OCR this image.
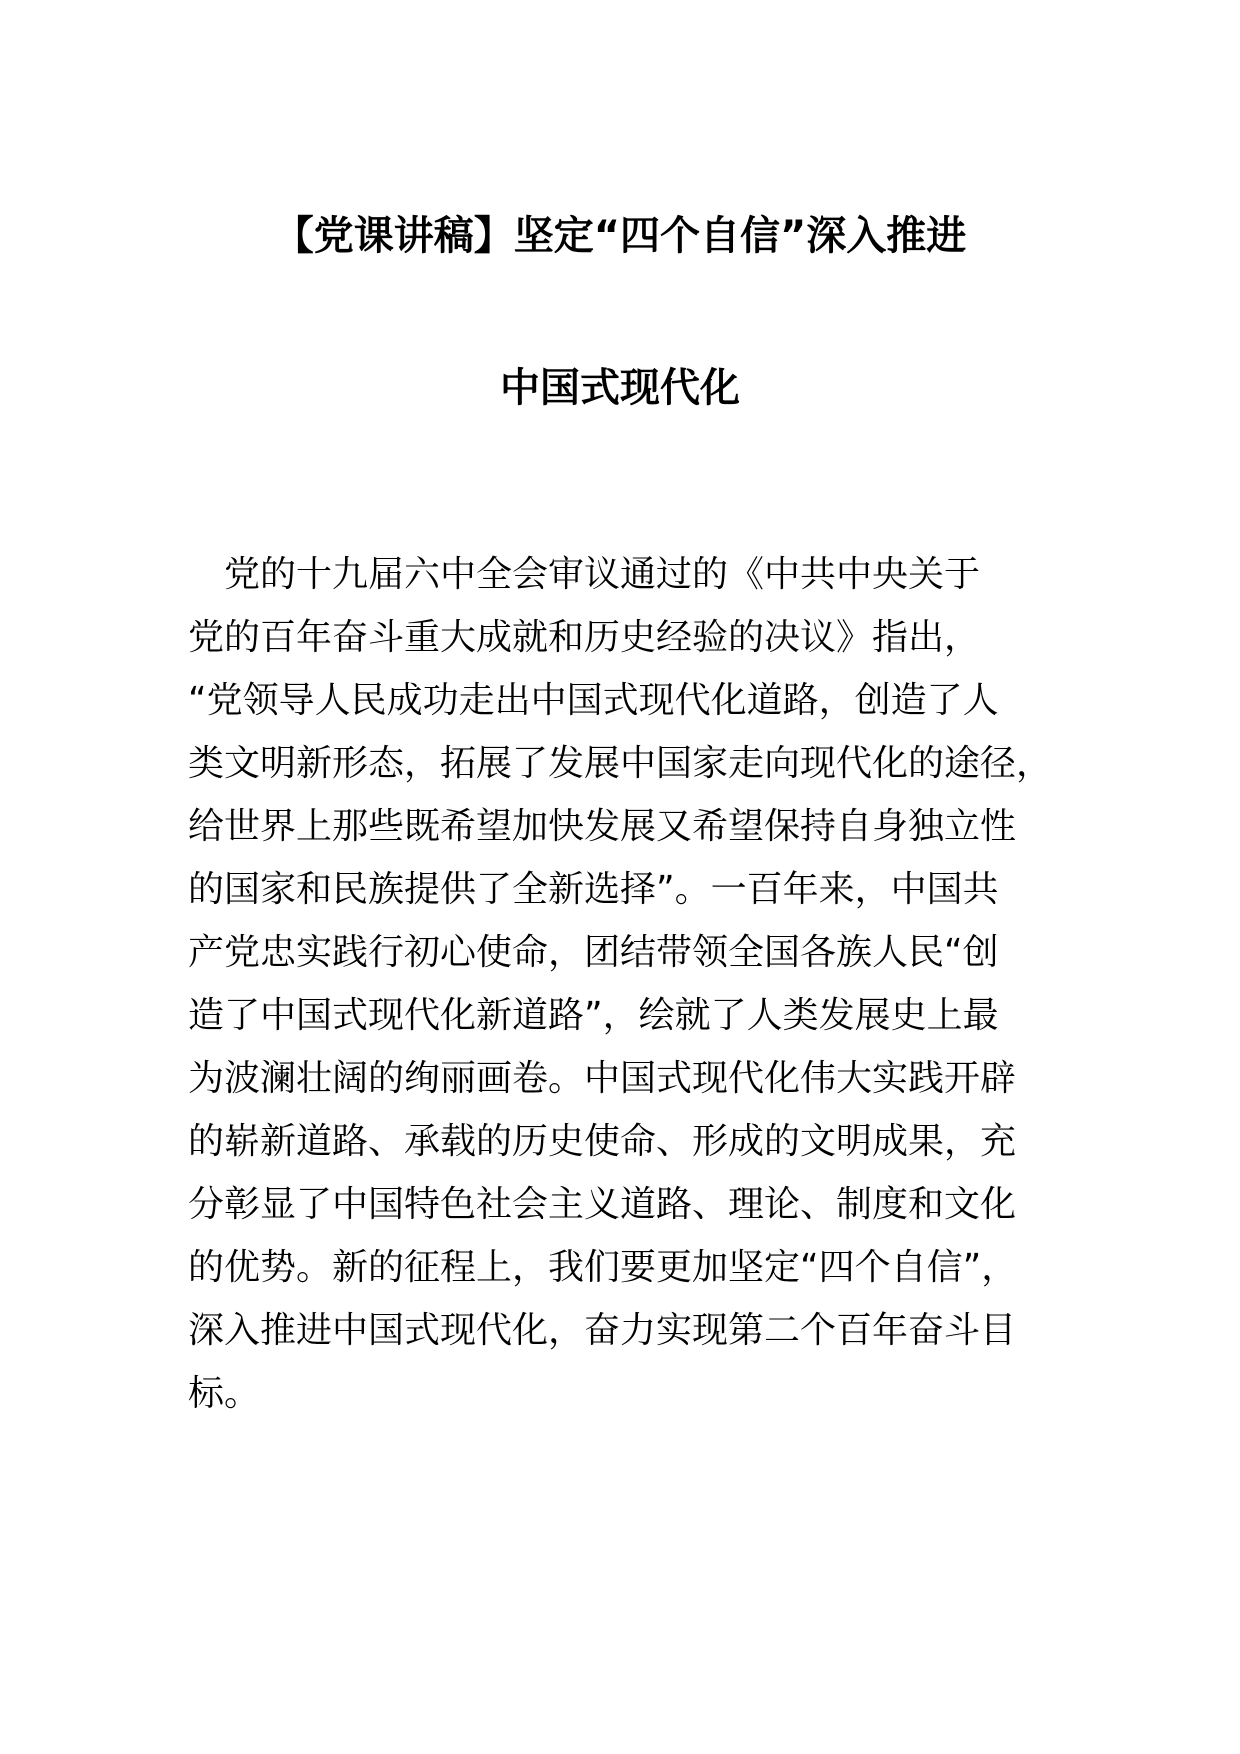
【党课讲稿】坚定“四个自信”深入推进
中国式现代化
　党的十九届六中全会审议通过的《中共中央关于
党的百年奋斗重大成就和历史经验的决议》指出，
“党领导人民成功走出中国式现代化道路，创造了人
类文明新形态，拓展了发展中国家走向现代化的途径，
给世界上那些既希望加快发展又希望保持自身独立性
的国家和民族提供了全新选择”。一百年来，中国共
产党忠实践行初心使命，团结带领全国各族人民“创
造了中国式现代化新道路”，绘就了人类发展史上最
为波澜壮阔的绚丽画卷。中国式现代化伟大实践开辟
的崭新道路、承载的历史使命、形成的文明成果，充
分彰显了中国特色社会主义道路、理论、制度和文化
的优势。新的征程上，我们要更加坚定“四个自信”，
深入推进中国式现代化，奋力实现第二个百年奋斗目
标。
